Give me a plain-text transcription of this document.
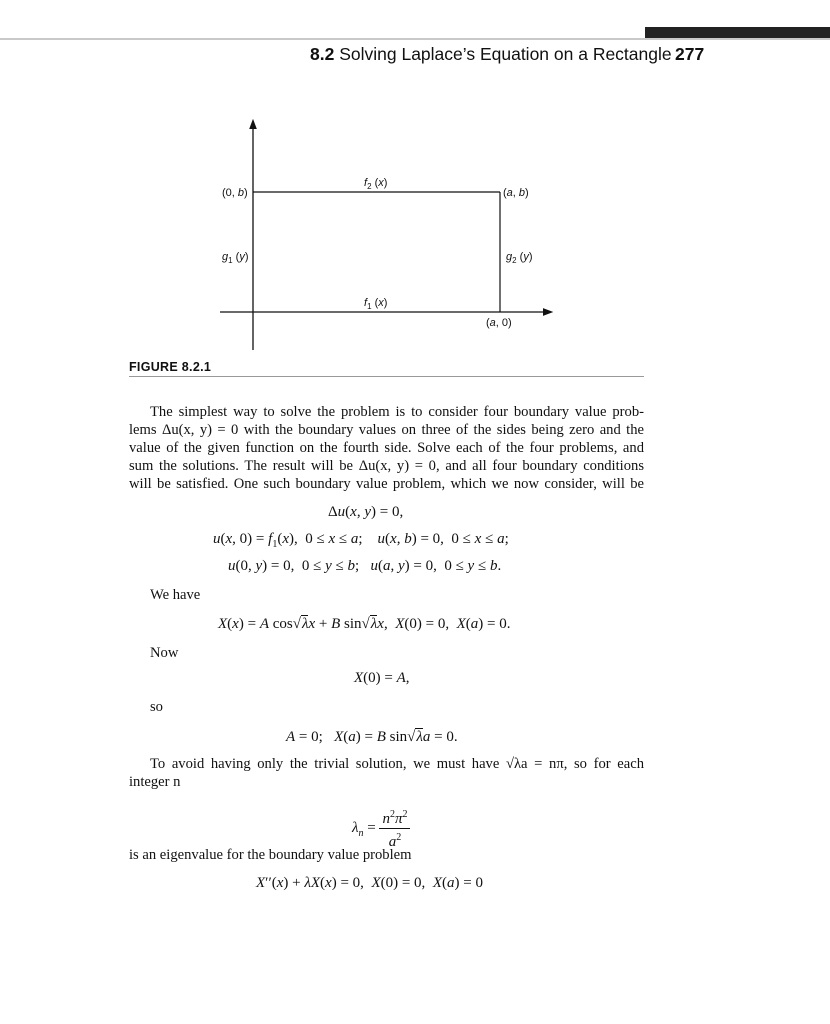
8.2 Solving Laplace’s Equation on a Rectangle 277
(0, b)	(a, b)
(a, 0)
$f_2$ (x)
$f_1$ (x)
$g_1$ (y)	$g_2$ (y)
FIGURE 8.2.1
The simplest way to solve the problem is to consider four boundary value prob-
lems Δu(x, y) = 0 with the boundary values on three of the sides being zero and the
value of the given function on the fourth side. Solve each of the four problems, and
sum the solutions. The result will be Δu(x, y) = 0, and all four boundary conditions
will be satisfied. One such boundary value problem, which we now consider, will be
Δu(x, y) = 0,
u(x, $0) = f_1(x)$,  0 ≤ x ≤ a;    u(x, b) = 0,  0 ≤ x ≤ a;
u(0, y) = 0,  0 ≤ y ≤ b;   u(a, y) = 0,  0 ≤ y ≤ b.
We have
X(x) = A cos√λx + B sin√λx,  X(0) = 0,  X(a) = 0.
Now
X(0) = A,
so
A = 0;   X(a) = B sin√λa = 0.
To avoid having only the trivial solution, we must have √λa = nπ, so for each
integer n
$\lambda_n = \frac{n^2\pi^2}{a^2}$
is an eigenvalue for the boundary value problem
X′′(x) + λX(x) = 0,  X(0) = 0,  X(a) = 0
